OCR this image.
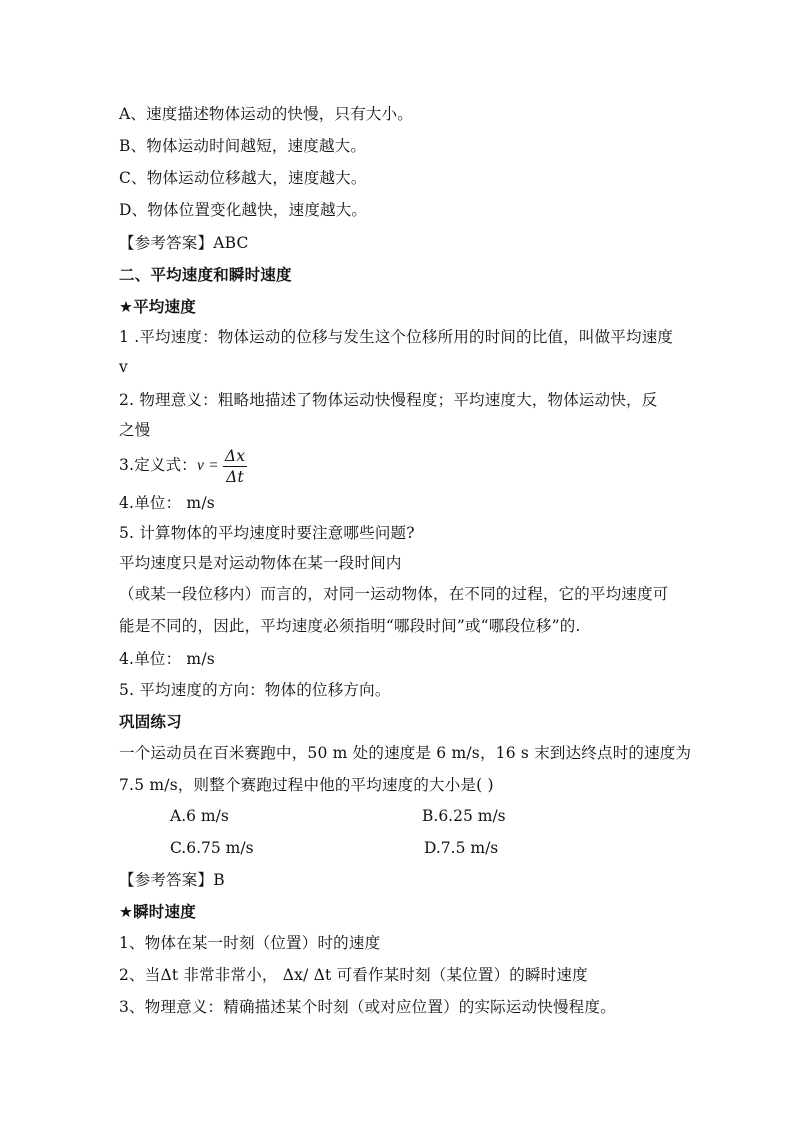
A、速度描述物体运动的快慢，只有大小。
B、物体运动时间越短，速度越大。
C、物体运动位移越大，速度越大。
D、物体位置变化越快，速度越大。
【参考答案】ABC
二、平均速度和瞬时速度
★平均速度
1 .平均速度：物体运动的位移与发生这个位移所用的时间的比值，叫做平均速度
v
2. 物理意义：粗略地描述了物体运动快慢程度；平均速度大，物体运动快，反
之慢
3.定义式：$v = \frac{\Delta x}{\Delta t}$
4.单位： m/s
5. 计算物体的平均速度时要注意哪些问题?
平均速度只是对运动物体在某一段时间内
（或某一段位移内）而言的，对同一运动物体，在不同的过程，它的平均速度可
能是不同的，因此，平均速度必须指明“哪段时间”或“哪段位移”的.
4.单位： m/s
5. 平均速度的方向：物体的位移方向。
巩固练习
一个运动员在百米赛跑中，50 m 处的速度是 6 m/s，16 s 末到达终点时的速度为
7.5 m/s，则整个赛跑过程中他的平均速度的大小是( )
A.6 m/s	B.6.25 m/s
C.6.75 m/s	D.7.5 m/s
【参考答案】B
★瞬时速度
1、物体在某一时刻（位置）时的速度
2、当Δt 非常非常小， Δx/ Δt 可看作某时刻（某位置）的瞬时速度
3、物理意义：精确描述某个时刻（或对应位置）的实际运动快慢程度。
